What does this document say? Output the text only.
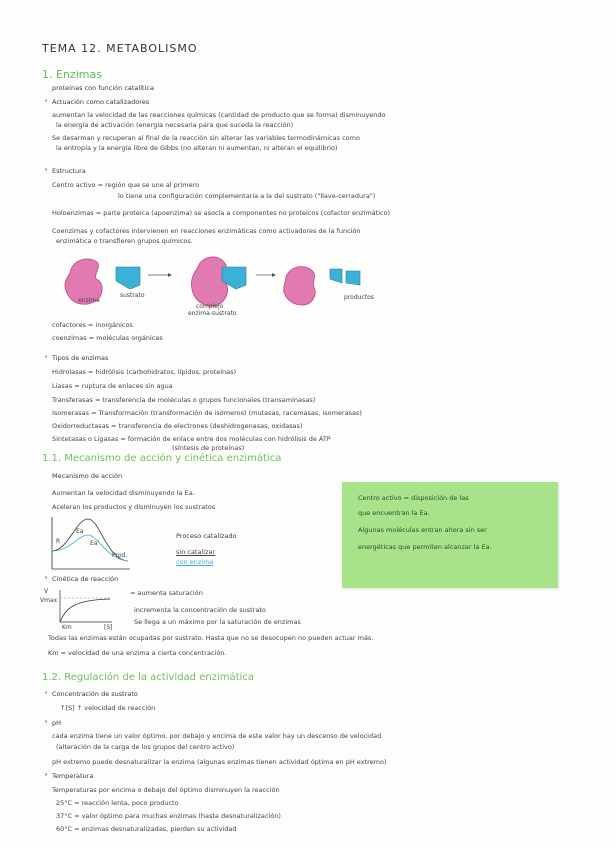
TEMA 12. METABOLISMO
1. Enzimas
proteínas con función catalítica
• Actuación como catalizadores
aumentan la velocidad de las reacciones químicas (cantidad de producto que se forma) disminuyendo
la energía de activación (energía necesaria para que suceda la reacción)
Se desarman y recuperan al final de la reacción sin alterar las variables termodinámicas como
la entropía y la energía libre de Gibbs (no alteran ni aumentan, ni alteran el equilibrio)
• Estructura
Centro activo = región que se une al primero
lo tiene una configuración complementaria a la del sustrato ("llave-cerradura")
Holoenzimas = parte proteica (apoenzima) se asocia a componentes no proteicos (cofactor enzimático)
Coenzimas y cofactores intervienen en reacciones enzimáticas como activadores de la función
enzimática o transfieren grupos químicos.
enzima
sustrato
complejo
enzima-sustrato
productos
cofactores = inorgánicos
coenzimas = moléculas orgánicas
• Tipos de enzimas
Hidrolasas = hidrólisis (carbohidratos, lípidos, proteínas)
Liasas = ruptura de enlaces sin agua
Transferasas = transferencia de moléculas o grupos funcionales (transaminasas)
Isomerasas = Transformación (transformación de isómeros) (mutasas, racemasas, isomerasas)
Oxidorreductasas = transferencia de electrones (deshidrogenasas, oxidasas)
Sintetasas o Ligasas = formación de enlace entre dos moléculas con hidrólisis de ATP
(síntesis de proteínas)
1.1. Mecanismo de acción y cinética enzimática
Mecanismo de acción
Aumentan la velocidad disminuyendo la Ea.
Aceleran los productos y disminuyen los sustratos
R
Ea
Ea'
Prod.
Proceso catalizado
sin catalizar
con enzima
Centro activo = disposición de las
que encuentran la Ea.
Algunas moléculas entran ahora sin ser
energéticas que permiten alcanzar la Ea.
• Cinética de reacción
= aumenta saturación
incrementa la concentración de sustrato
Se llega a un máximo por la saturación de enzimas
V
Vmax
[S]
Km
Todas las enzimas están ocupadas por sustrato. Hasta que no se desocupen no pueden actuar más.
Km = velocidad de una enzima a cierta concentración.
1.2. Regulación de la actividad enzimática
• Concentración de sustrato
↑[S] ↑ velocidad de reacción
• pH
cada enzima tiene un valor óptimo, por debajo y encima de este valor hay un descenso de velocidad
(alteración de la carga de los grupos del centro activo)
pH extremo puede desnaturalizar la enzima (algunas enzimas tienen actividad óptima en pH extremo)
• Temperatura
Temperaturas por encima o debajo del óptimo disminuyen la reacción
25°C = reacción lenta, poco producto
37°C = valor óptimo para muchas enzimas (hasta desnaturalización)
60°C = enzimas desnaturalizadas, pierden su actividad
